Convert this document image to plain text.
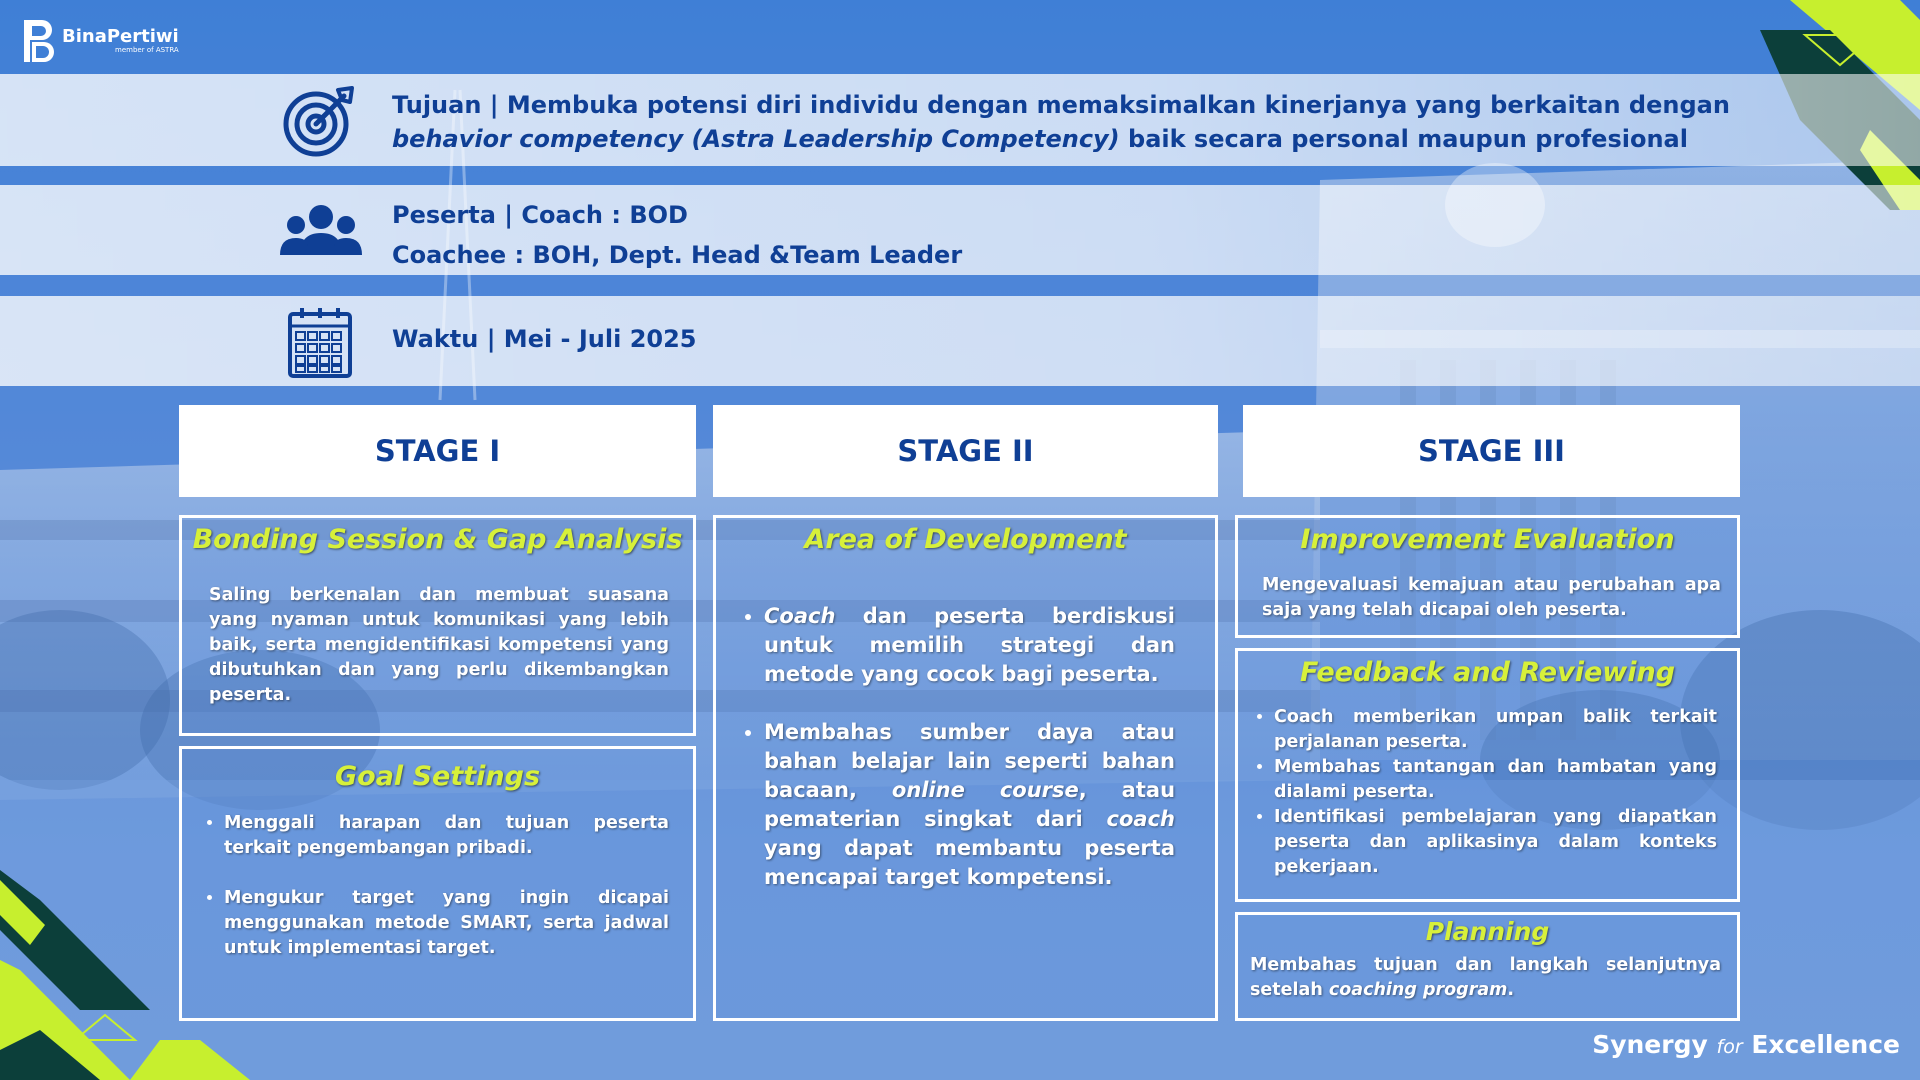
BinaPertiwi
member of ASTRA
Tujuan | Membuka potensi diri individu dengan memaksimalkan kinerjanya yang berkaitan dengan
behavior competency (Astra Leadership Competency) baik secara personal maupun profesional
Peserta | Coach : BOD
Coachee : BOH, Dept. Head &Team Leader
Waktu | Mei - Juli 2025
STAGE I	STAGE II	STAGE III
Bonding Session & Gap Analysis
Saling berkenalan dan membuat suasana yang nyaman untuk komunikasi yang lebih baik, serta mengidentifikasi kompetensi yang dibutuhkan dan yang perlu dikembangkan peserta.
Goal Settings
• Menggali harapan dan tujuan peserta terkait pengembangan pribadi.
• Mengukur target yang ingin dicapai menggunakan metode SMART, serta jadwal untuk implementasi target.
Area of Development
• Coach dan peserta berdiskusi untuk memilih strategi dan metode yang cocok bagi peserta.
• Membahas sumber daya atau bahan belajar lain seperti bahan bacaan, online course, atau pematerian singkat dari coach yang dapat membantu peserta mencapai target kompetensi.
Improvement Evaluation
Mengevaluasi kemajuan atau perubahan apa saja yang telah dicapai oleh peserta.
Feedback and Reviewing
• Coach memberikan umpan balik terkait perjalanan peserta.
• Membahas tantangan dan hambatan yang dialami peserta.
• Identifikasi pembelajaran yang diapatkan peserta dan aplikasinya dalam konteks pekerjaan.
Planning
Membahas tujuan dan langkah selanjutnya setelah coaching program.
Synergy for Excellence
